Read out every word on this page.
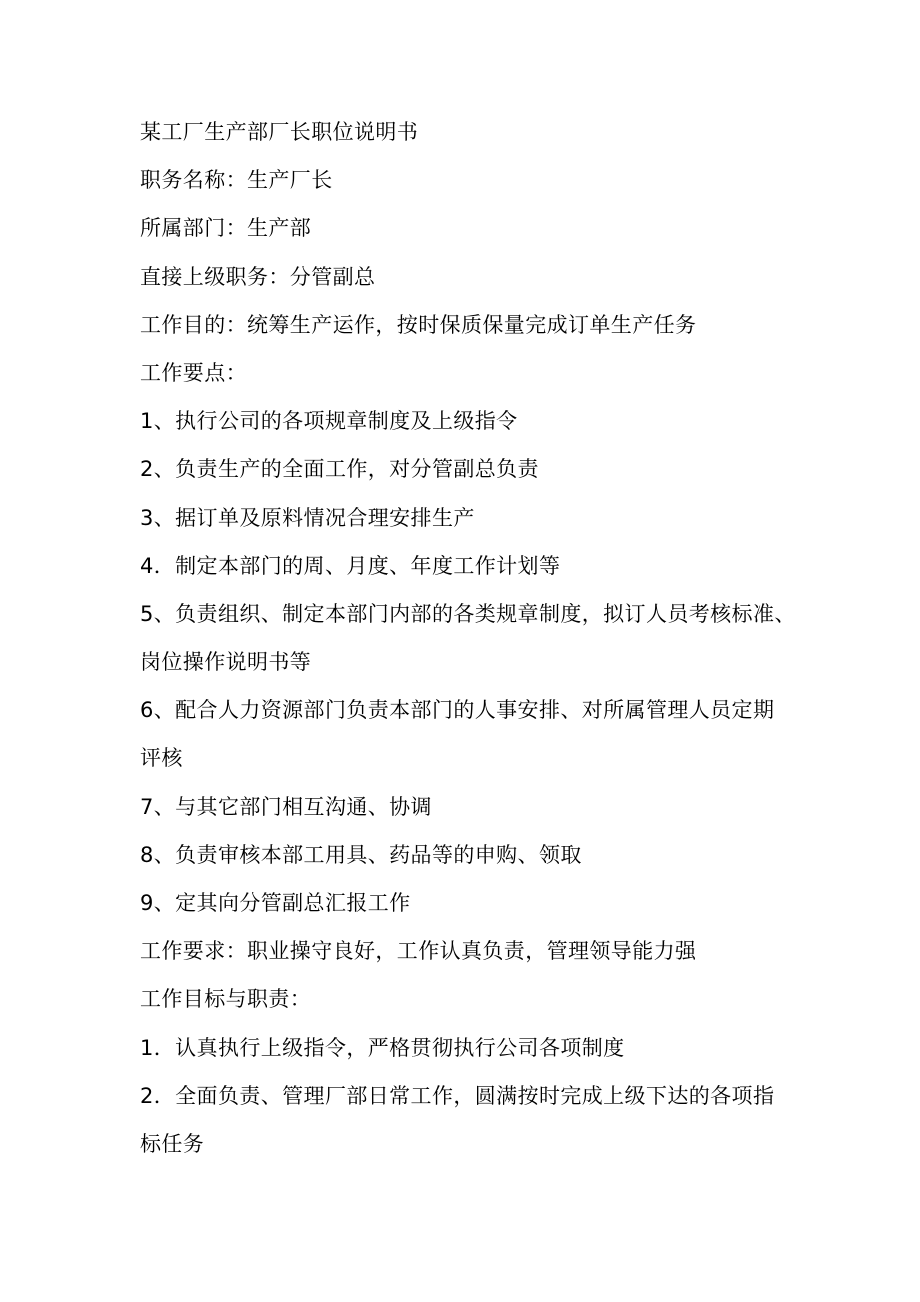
某工厂生产部厂长职位说明书
职务名称：生产厂长
所属部门：生产部
直接上级职务：分管副总
工作目的：统筹生产运作，按时保质保量完成订单生产任务
工作要点：
1、执行公司的各项规章制度及上级指令
2、负责生产的全面工作，对分管副总负责
3、据订单及原料情况合理安排生产
4．制定本部门的周、月度、年度工作计划等
5、负责组织、制定本部门内部的各类规章制度，拟订人员考核标准、
岗位操作说明书等
6、配合人力资源部门负责本部门的人事安排、对所属管理人员定期
评核
7、与其它部门相互沟通、协调
8、负责审核本部工用具、药品等的申购、领取
9、定其向分管副总汇报工作
工作要求：职业操守良好，工作认真负责，管理领导能力强
工作目标与职责：
1．认真执行上级指令，严格贯彻执行公司各项制度
2．全面负责、管理厂部日常工作，圆满按时完成上级下达的各项指
标任务
